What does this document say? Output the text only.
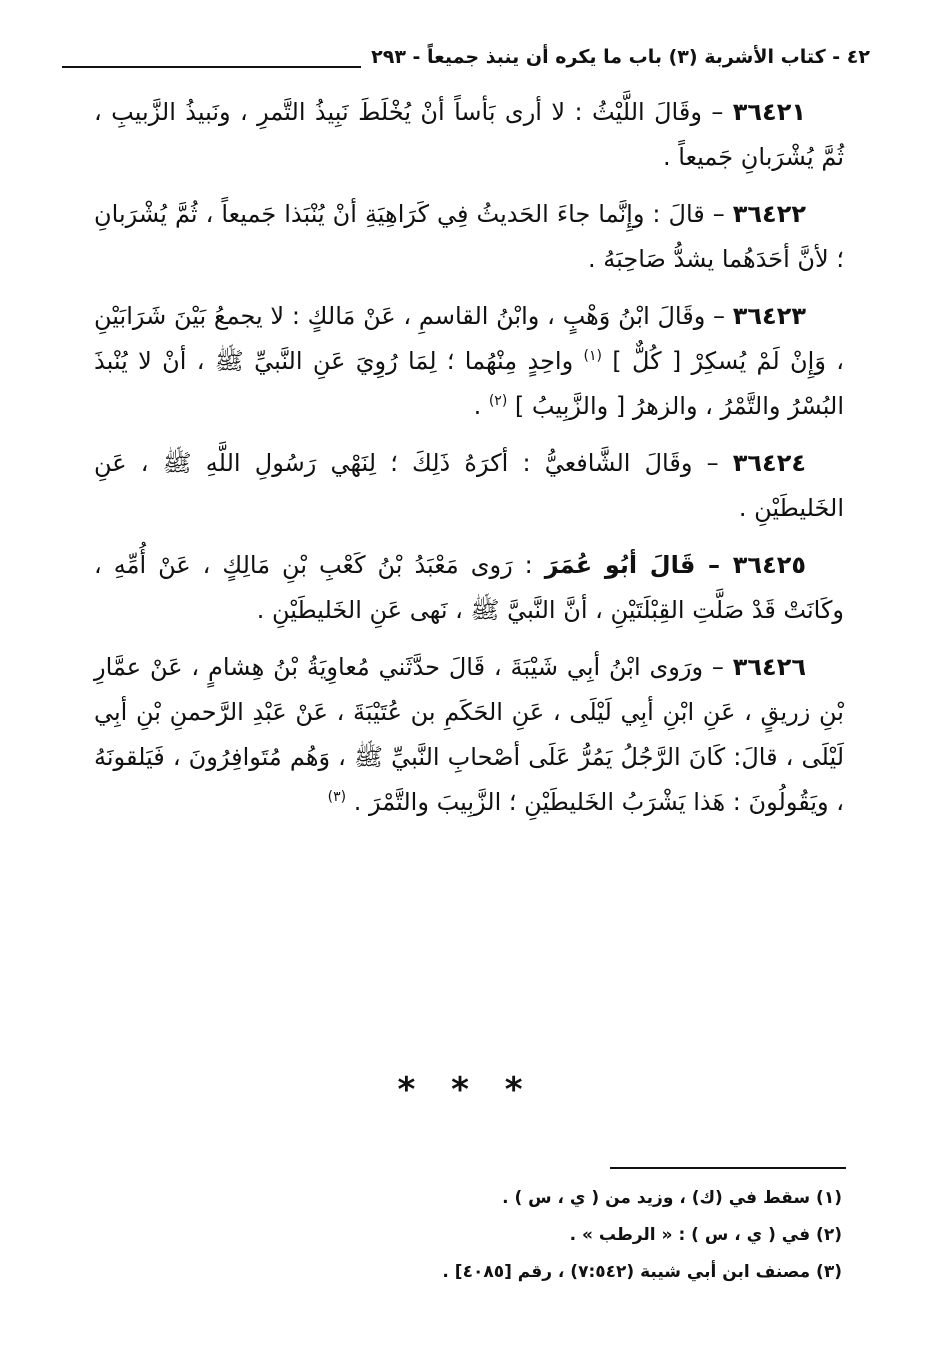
٤٢ - كتاب الأشربة (٣) باب ما يكره أن ينبذ جميعاً - ٢٩٣

٣٦٤٢١ – وقَالَ اللَّيْثُ : لا أرى بَأساً أنْ يُخْلَطَ نَبِيذُ التَّمرِ ، ونَبيذُ الزَّبيبِ ، ثُمَّ يُشْرَبانِ جَميعاً .

٣٦٤٢٢ – قالَ : وإِنَّما جاءَ الحَديثُ فِي كَرَاهِيَةِ أنْ يُنْبَذا جَميعاً ، ثُمَّ يُشْرَبانِ ؛ لأنَّ أحَدَهُما يشدُّ صَاحِبَهُ .

٣٦٤٢٣ – وقَالَ ابْنُ وَهْبٍ ، وابْنُ القاسمِ ، عَنْ مَالكٍ : لا يجمعُ بَيْنَ شَرَابَيْنِ ، وَإِنْ لَمْ يُسكِرْ [ كُلٌّ ] $^{(١)}$ واحِدٍ مِنْهُما ؛ لِمَا رُوِيَ عَنِ النَّبيِّ ﷺ ، أنْ لا يُنْبذَ البُسْرُ والتَّمْرُ ، والزهرُ [ والزَّبِيبُ ] $^{(٢)}$ .

٣٦٤٢٤ – وقَالَ الشَّافعيُّ : أكرَهُ ذَلِكَ ؛ لِنَهْي رَسُولِ اللَّهِ ﷺ ، عَنِ الخَليطَيْنِ .

٣٦٤٢٥ – قَالَ أبُو عُمَرَ : رَوى مَعْبَدُ بْنُ كَعْبِ بْنِ مَالِكٍ ، عَنْ أُمِّهِ ، وكَانَتْ قَدْ صَلَّتِ القِبْلَتَيْنِ ، أنَّ النَّبيَّ ﷺ ، نَهى عَنِ الخَليطَيْنِ .

٣٦٤٢٦ – ورَوى ابْنُ أبِي شَيْبَةَ ، قَالَ حدَّثَني مُعاوِيَةُ بْنُ هِشامٍ ، عَنْ عمَّارِ بْنِ زريقٍ ، عَنِ ابْنِ أبِي لَيْلَى ، عَنِ الحَكَمِ بن عُتَيْبَةَ ، عَنْ عَبْدِ الرَّحمنِ بْنِ أبِي لَيْلَى ، قالَ: كَانَ الرَّجُلُ يَمُرُّ عَلَى أصْحابِ النَّبيِّ ﷺ ، وَهُم مُتَوافِرُونَ ، فَيَلقونَهُ ، ويَقُولُونَ : هَذا يَشْرَبُ الخَليطَيْنِ ؛ الزَّبِيبَ والتَّمْرَ . $^{(٣)}$

* * *

(١) سقط في (ك) ، وزيد من ( ي ، س ) .

(٢) في ( ي ، س ) : « الرطب » .

(٣) مصنف ابن أبي شيبة (٧:٥٤٢) ، رقم [٤٠٨٥] .
